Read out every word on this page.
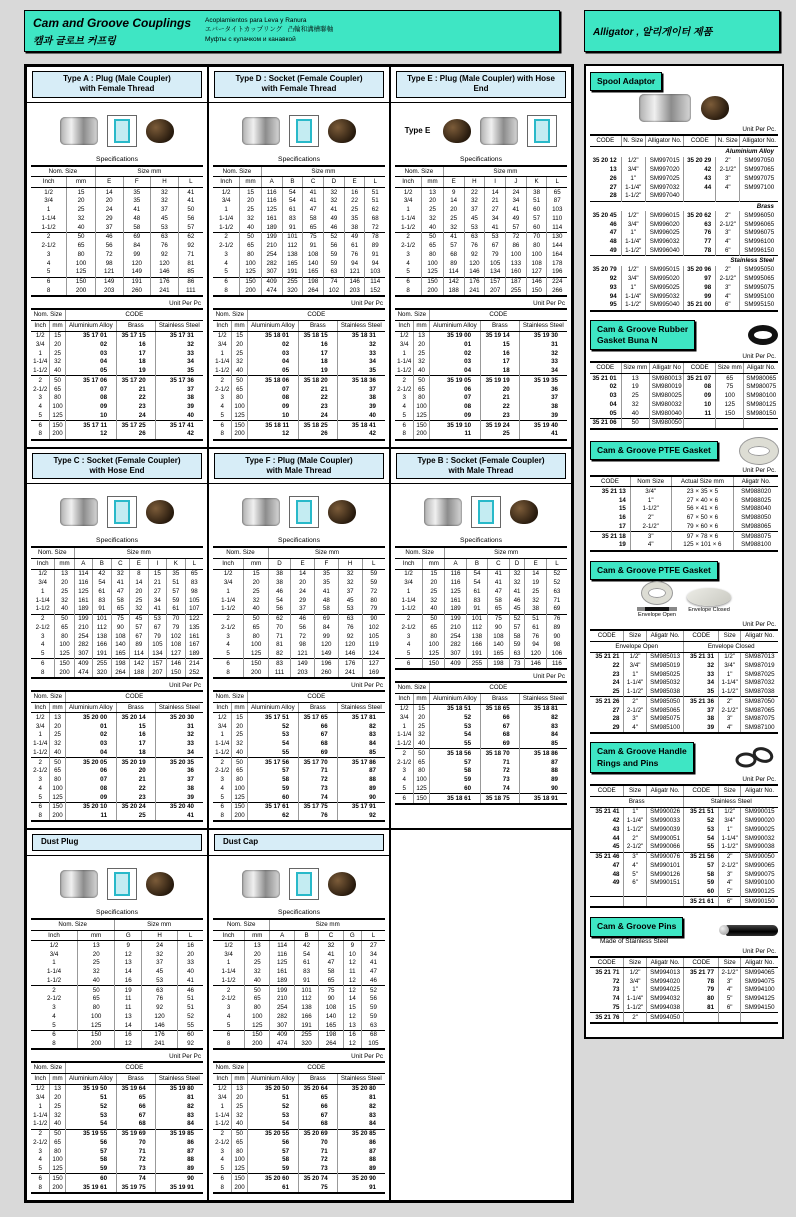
Cam and Groove Couplings
캠과 글로브 커프링
Acoplamientos para Leva y Ranura
エバータイトカップリング 凸輪和溝槽聯軸
Муфты с кулачком и канавкой
Alligator , 알리게이터 제품
Type A : Plug (Male Coupler)
with Female Thread
Specifications
Nom. Size		Size mm			
Inch	mm	E	F	H	L
1/2	15	14	35	32	41
3/4	20	20	35	32	41
1	25	24	41	37	50
1-1/4	32	29	48	45	56
1-1/2	40	37	58	53	57
2	50	46	69	63	62
2-1/2	65	56	84	76	92
3	80	72	99	92	71
4	100	98	120	120	81
5	125	121	149	146	85
6	150	149	191	176	86
8	200	203	260	241	111
Unit Per Pc
Nom. Size		CODE		
Inch	mm	Aluminium Alloy	Brass	Stainless Steel
1/2	15	35 17 01	35 17 15	35 17 31
3/4	20	02	16	32
1	25	03	17	33
1-1/4	32	04	18	34
1-1/2	40	05	19	35
2	50	35 17 06	35 17 20	35 17 36
2-1/2	65	07	21	37
3	80	08	22	38
4	100	09	23	39
5	125	10	24	40
6	150	35 17 11	35 17 25	35 17 41
8	200	12	26	42
Type D : Socket (Female Coupler)
with Female Thread
Specifications
Nom. Size		Size mm					
Inch	mm	A	B	C	D	E	L
1/2	15	116	54	41	32	16	51
3/4	20	116	54	41	32	22	51
1	25	125	61	47	41	25	62
1-1/4	32	161	83	58	49	35	68
1-1/2	40	189	91	65	46	38	72
2	50	199	101	75	52	49	78
2-1/2	65	210	112	91	56	61	89
3	80	254	138	108	59	76	91
4	100	282	165	140	59	94	94
5	125	307	191	165	63	121	103
6	150	409	255	198	74	146	114
8	200	474	320	264	102	203	152
Unit Per Pc
Nom. Size		CODE		
Inch	mm	Aluminium Alloy	Brass	Stainless Steel
1/2	15	35 18 01	35 18 15	35 18 31
3/4	20	02	16	32
1	25	03	17	33
1-1/4	32	04	18	34
1-1/2	40	05	19	35
2	50	35 18 06	35 18 20	35 18 36
2-1/2	65	07	21	37
3	80	08	22	38
4	100	09	23	39
5	125	10	24	40
6	150	35 18 11	35 18 25	35 18 41
8	200	12	26	42
Type E : Plug (Male Coupler) with Hose End
Type E
Specifications
Nom. Size		Size mm					
Inch	mm	E	H	I	J	K	L
1/2	13	9	22	14	24	38	65
3/4	20	14	32	21	34	51	87
1	25	20	37	27	41	60	103
1-1/4	32	25	45	34	49	57	110
1-1/2	40	32	53	41	57	60	114
2	50	41	63	53	72	70	130
2-1/2	65	57	76	67	86	80	144
3	80	68	92	79	100	100	164
4	100	89	120	105	133	108	178
5	125	114	146	134	160	127	196
6	150	142	176	157	187	146	224
8	200	188	241	207	255	150	266
Unit Per Pc
Nom. Size		CODE		
Inch	mm	Aluminium Alloy	Brass	Stainless Steel
1/2	13	35 19 00	35 19 14	35 19 30
3/4	20	01	15	31
1	25	02	16	32
1-1/4	32	03	17	33
1-1/2	40	04	18	34
2	50	35 19 05	35 19 19	35 19 35
2-1/2	65	06	20	36
3	80	07	21	37
4	100	08	22	38
5	125	09	23	39
6	150	35 19 10	35 19 24	35 19 40
8	200	11	25	41
Type C : Socket (Female Coupler)
with Hose End
Specifications
Nom. Size		Size mm						
Inch	mm	A	B	C	E	I	K	L
1/2	13	114	42	32	8	15	35	65
3/4	20	116	54	41	14	21	51	83
1	25	125	61	47	20	27	57	98
1-1/4	32	161	83	58	25	34	59	105
1-1/2	40	189	91	65	32	41	61	107
2	50	199	101	75	45	53	70	122
2-1/2	65	210	112	90	57	67	79	135
3	80	254	138	108	67	79	102	161
4	100	282	166	140	89	105	108	167
5	125	307	191	165	114	134	127	189
6	150	409	255	198	142	157	146	214
8	200	474	320	264	188	207	150	252
Unit Per Pc
Nom. Size		CODE		
Inch	mm	Aluminium Alloy	Brass	Stainless Steel
1/2	13	35 20 00	35 20 14	35 20 30
3/4	20	01	15	31
1	25	02	16	32
1-1/4	32	03	17	33
1-1/2	40	04	18	34
2	50	35 20 05	35 20 19	35 20 35
2-1/2	65	06	20	36
3	80	07	21	37
4	100	08	22	38
5	125	09	23	39
6	150	35 20 10	35 20 24	35 20 40
8	200	11	25	41
Type F : Plug (Male Coupler)
with Male Thread
Specifications
Nom. Size		Size mm				
Inch	mm	D	E	F	H	L
1/2	15	38	14	35	32	59
3/4	20	38	20	35	32	59
1	25	46	24	41	37	72
1-1/4	32	54	29	48	45	80
1-1/2	40	56	37	58	53	79
2	50	62	46	69	63	90
2-1/2	65	70	56	84	76	102
3	80	71	72	99	92	105
4	100	81	98	120	120	119
5	125	82	121	149	146	124
6	150	83	149	196	176	127
8	200	111	203	260	241	169
Unit Per Pc
Nom. Size		CODE		
Inch	mm	Aluminium Alloy	Brass	Stainless Steel
1/2	15	35 17 51	35 17 65	35 17 81
3/4	20	52	66	82
1	25	53	67	83
1-1/4	32	54	68	84
1-1/2	40	55	69	85
2	50	35 17 56	35 17 70	35 17 86
2-1/2	65	57	71	87
3	80	58	72	88
4	100	59	73	89
5	125	60	74	90
6	150	35 17 61	35 17 75	35 17 91
8	200	62	76	92
Type B : Socket (Female Coupler)
with Male Thread
Specifications
Nom. Size		Size mm					
Inch	mm	A	B	C	D	E	L
1/2	15	116	54	41	32	14	52
3/4	20	116	54	41	32	19	52
1	25	125	61	47	41	25	63
1-1/4	32	161	83	58	46	32	71
1-1/2	40	189	91	65	45	38	69
2	50	199	101	75	52	51	76
2-1/2	65	210	112	90	57	61	89
3	80	254	138	108	58	76	90
4	100	282	166	140	59	94	98
5	125	307	191	165	63	120	106
6	150	409	255	198	73	146	116
Unit Per Pc
Nom. Size		CODE		
Inch	mm	Aluminium Alloy	Brass	Stainless Steel
1/2	15	35 18 51	35 18 65	35 18 81
3/4	20	52	66	82
1	25	53	67	83
1-1/4	32	54	68	84
1-1/2	40	55	69	85
2	50	35 18 56	35 18 70	35 18 86
2-1/2	65	57	71	87
3	80	58	72	88
4	100	59	73	89
5	125	60	74	90
6	150	35 18 61	35 18 75	35 18 91
Dust Plug
Specifications
Nom. Size		Size mm		
Inch	mm	G	H	L
1/2	13	9	24	16
3/4	20	12	32	20
1	25	13	37	33
1-1/4	32	14	45	40
1-1/2	40	16	53	41
2	50	19	63	46
2-1/2	65	11	76	51
3	80	11	92	51
4	100	13	120	52
5	125	14	146	55
6	150	16	176	60
8	200	12	241	92
Unit Per Pc
Nom. Size		CODE		
Inch	mm	Aluminium Alloy	Brass	Stainless Steel
1/2	13	35 19 50	35 19 64	35 19 80
3/4	20	51	65	81
1	25	52	66	82
1-1/4	32	53	67	83
1-1/2	40	54	68	84
2	50	35 19 55	35 19 69	35 19 85
2-1/2	65	56	70	86
3	80	57	71	87
4	100	58	72	88
5	125	59	73	89
6	150	60	74	90
8	200	35 19 61	35 19 75	35 19 91
Dust Cap
Specifications
Nom. Size		Size mm				
Inch	mm	A	B	C	G	L
1/2	13	114	42	32	9	27
3/4	20	116	54	41	10	34
1	25	125	61	47	12	41
1-1/4	32	161	83	58	11	47
1-1/2	40	189	91	65	12	46
2	50	199	101	75	12	52
2-1/2	65	210	112	90	14	56
3	80	254	138	108	15	59
4	100	282	166	140	12	59
5	125	307	191	165	13	63
6	150	409	255	198	16	68
8	200	474	320	264	12	105
Unit Per Pc
Nom. Size		CODE		
Inch	mm	Aluminium Alloy	Brass	Stainless Steel
1/2	13	35 20 50	35 20 64	35 20 80
3/4	20	51	65	81
1	25	52	66	82
1-1/4	32	53	67	83
1-1/2	40	54	68	84
2	50	35 20 55	35 20 69	35 20 85
2-1/2	65	56	70	86
3	80	57	71	87
4	100	58	72	88
5	125	59	73	89
6	150	35 20 60	35 20 74	35 20 90
8	200	61	75	91
Spool Adaptor
Unit Per Pc.
CODE	N. Size	Alligator No.	CODE	N. Size	Alligator No.
Aluminium Alloy					
35 20 12	1/2"	SM997015	35 20 29	2"	SM997050
13	3/4"	SM997020	42	2-1/2"	SM997065
26	1"	SM997025	43	3"	SM997075
27	1-1/4"	SM997032	44	4"	SM997100
28	1-1/2"	SM997040			
Brass					
35 20 45	1/2"	SM996015	35 20 62	2"	SM996050
46	3/4"	SM996020	63	2-1/2"	SM996065
47	1"	SM996025	76	3"	SM996075
48	1-1/4"	SM996032	77	4"	SM996100
49	1-1/2"	SM996040	78	6"	SM996150
Stainless Steel					
35 20 79	1/2"	SM995015	35 20 96	2"	SM995050
92	3/4"	SM995020	97	2-1/2"	SM995065
93	1"	SM995025	98	3"	SM995075
94	1-1/4"	SM995032	99	4"	SM995100
95	1-1/2"	SM995040	35 21 00	6"	SM995150
Cam & Groove Rubber
Gasket Buna N
Unit Per Pc.
CODE	Size mm	Alligatr No	CODE	Size mm	Aligatr No.
35 21 01	13	SM980013	35 21 07	65	SM980065
02	19	SM980019	08	75	SM980075
03	25	SM980025	09	100	SM980100
04	32	SM980032	10	125	SM980125
05	40	SM980040	11	150	SM980150
35 21 06	50	SM980050			
Cam & Groove PTFE Gasket
Unit Per Pc.
CODE	Nom Size	Actual Size mm	Aligatr No.
35 21 13	3/4"	23 × 35 × 5	SM988020
14	1"	27 × 40 × 6	SM988025
15	1-1/2"	56 × 41 × 6	SM988040
16	2"	67 × 50 × 6	SM988050
17	2-1/2"	79 × 60 × 6	SM988065
35 21 18	3"	97 × 78 × 6	SM988075
19	4"	125 × 101 × 6	SM988100
Cam & Groove PTFE Gasket
Envelope Open
Envelope Closed
Unit Per Pc.
CODE	Size	Aligatr No.	CODE	Size	Aligatr No.
Envelope Open			Envelope Closed		
35 21 21	1/2"	SM985013	35 21 31	1/2"	SM987013
22	3/4"	SM985019	32	3/4"	SM987019
23	1"	SM985025	33	1"	SM987025
24	1-1/4"	SM985032	34	1-1/4"	SM987032
25	1-1/2"	SM985038	35	1-1/2"	SM987038
35 21 26	2"	SM985050	35 21 36	2"	SM987050
27	2-1/2"	SM985065	37	2-1/2"	SM987065
28	3"	SM985075	38	3"	SM987075
29	4"	SM985100	39	4"	SM987100
Cam & Groove Handle
Rings and Pins
Unit Per Pc.
CODE	Size	Aligatr No.	CODE	Size	Aligatr No.
Brass			Stainless Steel		
35 21 41	1"	SM990026	35 21 51	1/2"	SM990015
42	1-1/4"	SM990033	52	3/4"	SM990020
43	1-1/2"	SM990039	53	1"	SM990025
44	2"	SM990051	54	1-1/4"	SM990032
45	2-1/2"	SM990066	55	1-1/2"	SM990038
35 21 46	3"	SM990076	35 21 56	2"	SM990050
47	4"	SM990101	57	2-1/2"	SM990065
48	5"	SM990126	58	3"	SM990075
49	6"	SM990151	59	4"	SM990100
			60	5"	SM990125
			35 21 61	6"	SM990150
Cam & Groove Pins
Made of Stainless Steel
Unit Per Pc.
CODE	Size	Aligatr No.	CODE	Size	Aligatr No.
35 21 71	1/2"	SM994013	35 21 77	2-1/2"	SM994065
72	3/4"	SM994020	78	3"	SM994075
73	1"	SM994025	79	4"	SM994100
74	1-1/4"	SM994032	80	5"	SM994125
75	1-1/2"	SM994038	81	6"	SM994150
35 21 76	2"	SM994050			
